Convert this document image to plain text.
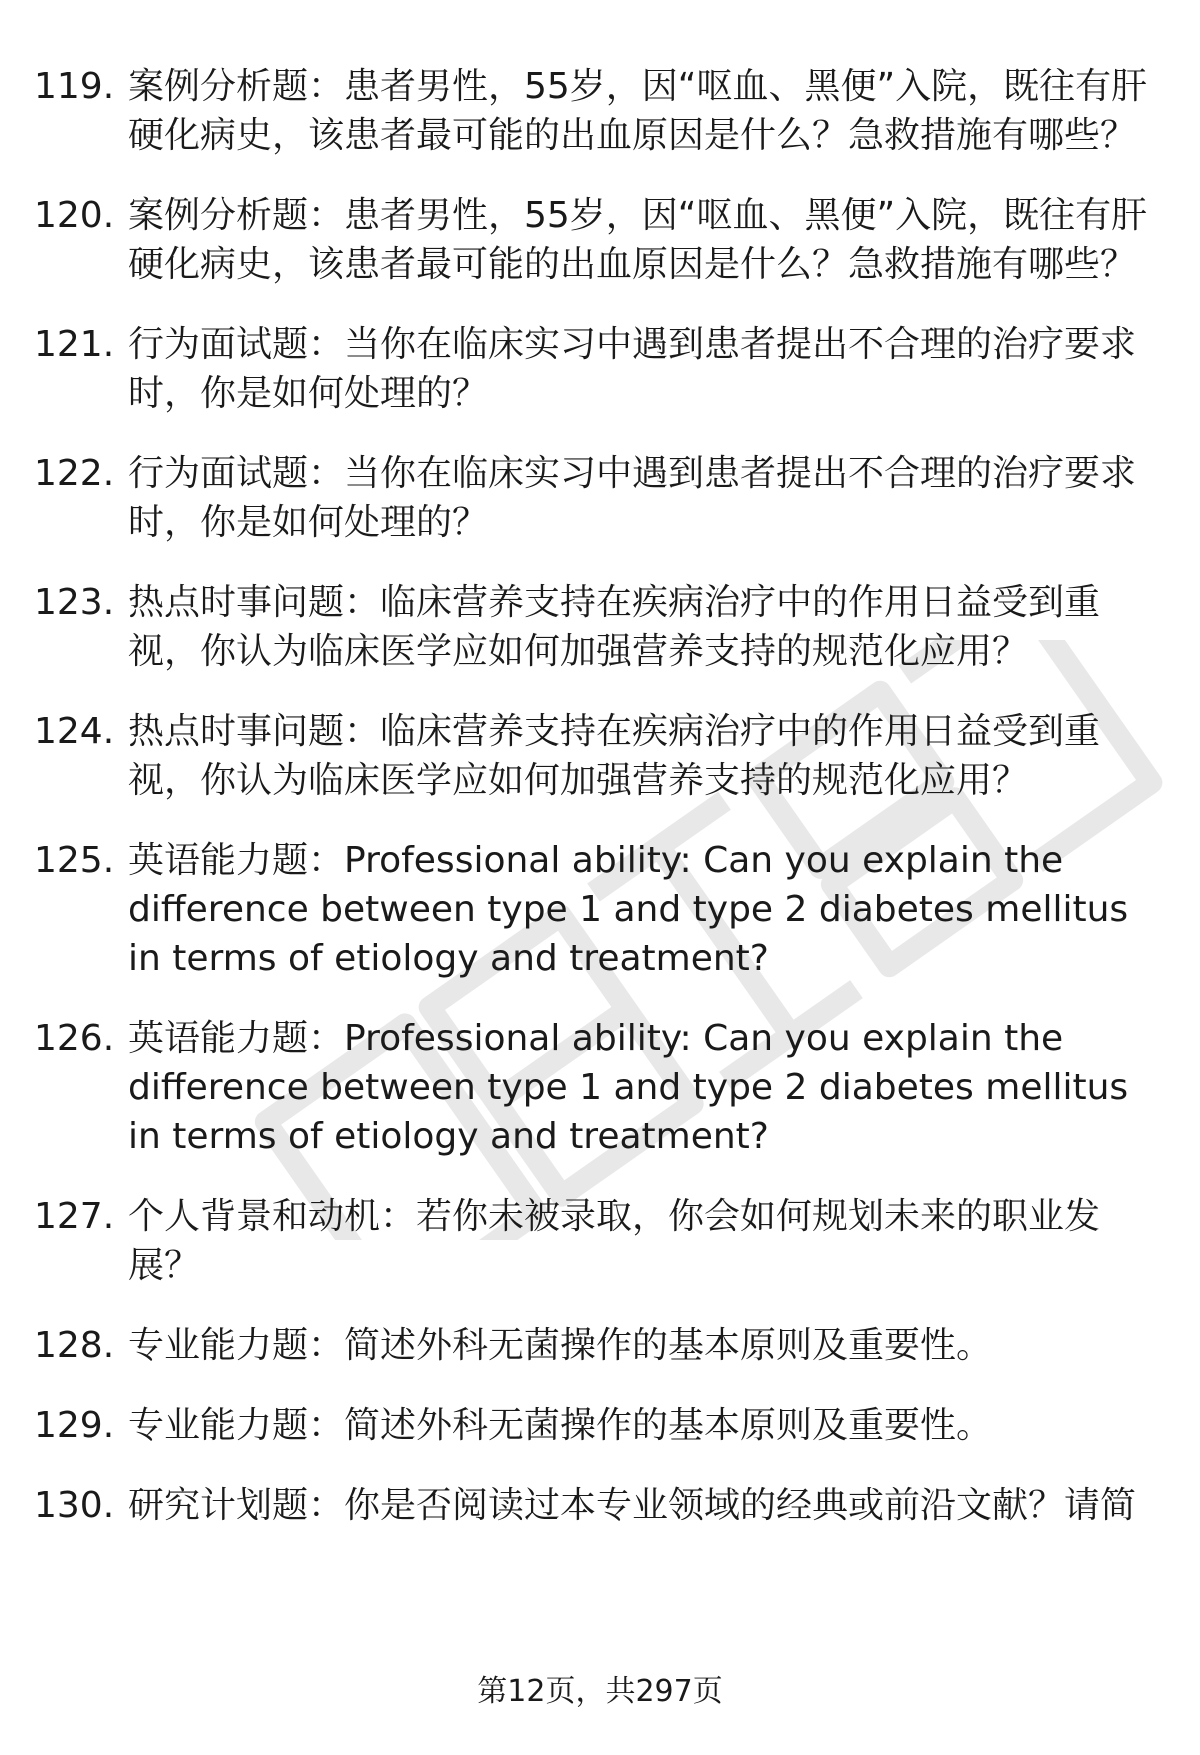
119. 案例分析题：患者男性，55岁，因“呕血、黑便”入院，既往有肝硬化病史，该患者最可能的出血原因是什么？急救措施有哪些？
120. 案例分析题：患者男性，55岁，因“呕血、黑便”入院，既往有肝硬化病史，该患者最可能的出血原因是什么？急救措施有哪些？
121. 行为面试题：当你在临床实习中遇到患者提出不合理的治疗要求时，你是如何处理的？
122. 行为面试题：当你在临床实习中遇到患者提出不合理的治疗要求时，你是如何处理的？
123. 热点时事问题：临床营养支持在疾病治疗中的作用日益受到重视，你认为临床医学应如何加强营养支持的规范化应用？
124. 热点时事问题：临床营养支持在疾病治疗中的作用日益受到重视，你认为临床医学应如何加强营养支持的规范化应用？
125. 英语能力题：Professional ability: Can you explain the difference between type 1 and type 2 diabetes mellitus in terms of etiology and treatment?
126. 英语能力题：Professional ability: Can you explain the difference between type 1 and type 2 diabetes mellitus in terms of etiology and treatment?
127. 个人背景和动机：若你未被录取，你会如何规划未来的职业发展？
128. 专业能力题：简述外科无菌操作的基本原则及重要性。
129. 专业能力题：简述外科无菌操作的基本原则及重要性。
130. 研究计划题：你是否阅读过本专业领域的经典或前沿文献？请简
第12页，共297页
